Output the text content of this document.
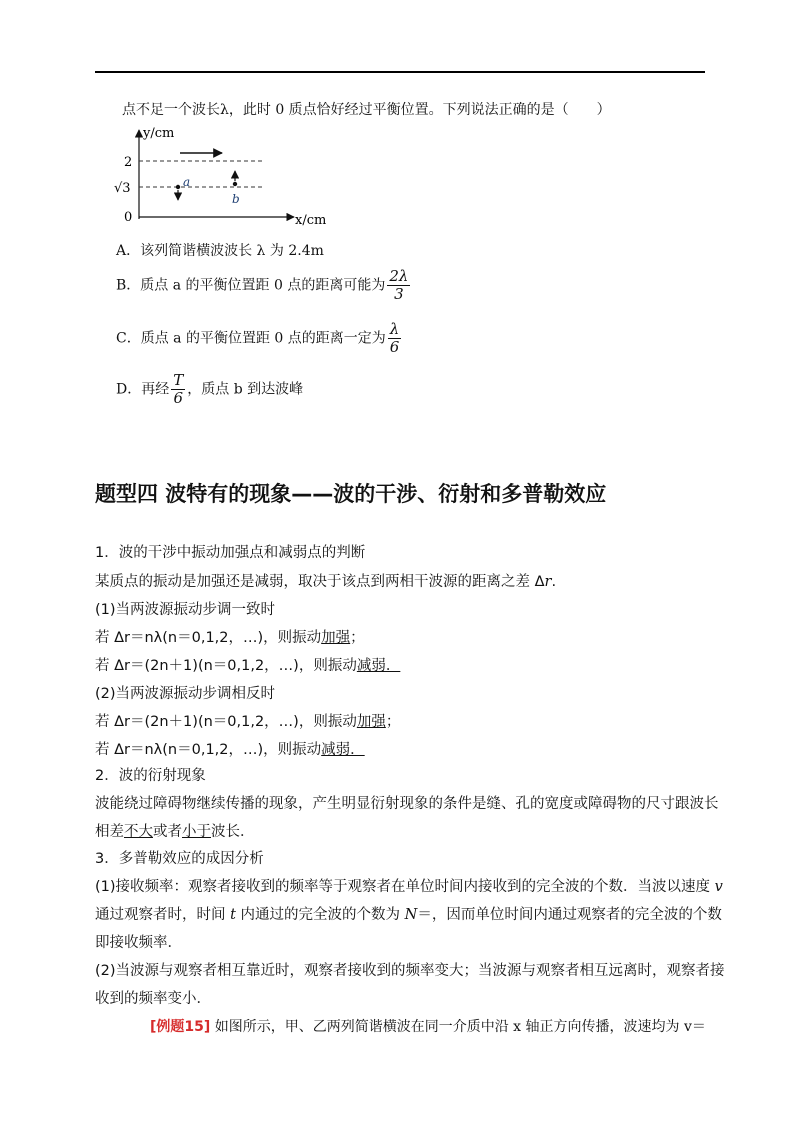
点不足一个波长λ，此时 0 质点恰好经过平衡位置。下列说法正确的是（　　）
y/cm
x/cm
2
√3
0
a
b
A．该列简谐横波波长 λ 为 2.4m
B．质点 a 的平衡位置距 0 点的距离可能为 $\frac{2\lambda}{3}$
C．质点 a 的平衡位置距 0 点的距离一定为 $\frac{\lambda}{6}$
D．再经 $\frac{T}{6}$ ，质点 b 到达波峰
题型四 波特有的现象——波的干涉、衍射和多普勒效应
1．波的干涉中振动加强点和减弱点的判断
某质点的振动是加强还是减弱，取决于该点到两相干波源的距离之差 Δr.
(1)当两波源振动步调一致时
若 Δr＝nλ(n＝0,1,2，…)，则振动加强；
若 Δr＝(2n＋1)(n＝0,1,2，…)，则振动减弱．
(2)当两波源振动步调相反时
若 Δr＝(2n＋1)(n＝0,1,2，…)，则振动加强；
若 Δr＝nλ(n＝0,1,2，…)，则振动减弱．
2．波的衍射现象
波能绕过障碍物继续传播的现象，产生明显衍射现象的条件是缝、孔的宽度或障碍物的尺寸跟波长
相差不大或者小于波长．
3．多普勒效应的成因分析
(1)接收频率：观察者接收到的频率等于观察者在单位时间内接收到的完全波的个数．当波以速度 v
通过观察者时，时间 t 内通过的完全波的个数为 N＝，因而单位时间内通过观察者的完全波的个数
即接收频率．
(2)当波源与观察者相互靠近时，观察者接收到的频率变大；当波源与观察者相互远离时，观察者接
收到的频率变小．
[例题15] 如图所示，甲、乙两列简谐横波在同一介质中沿 x 轴正方向传播，波速均为 v＝
